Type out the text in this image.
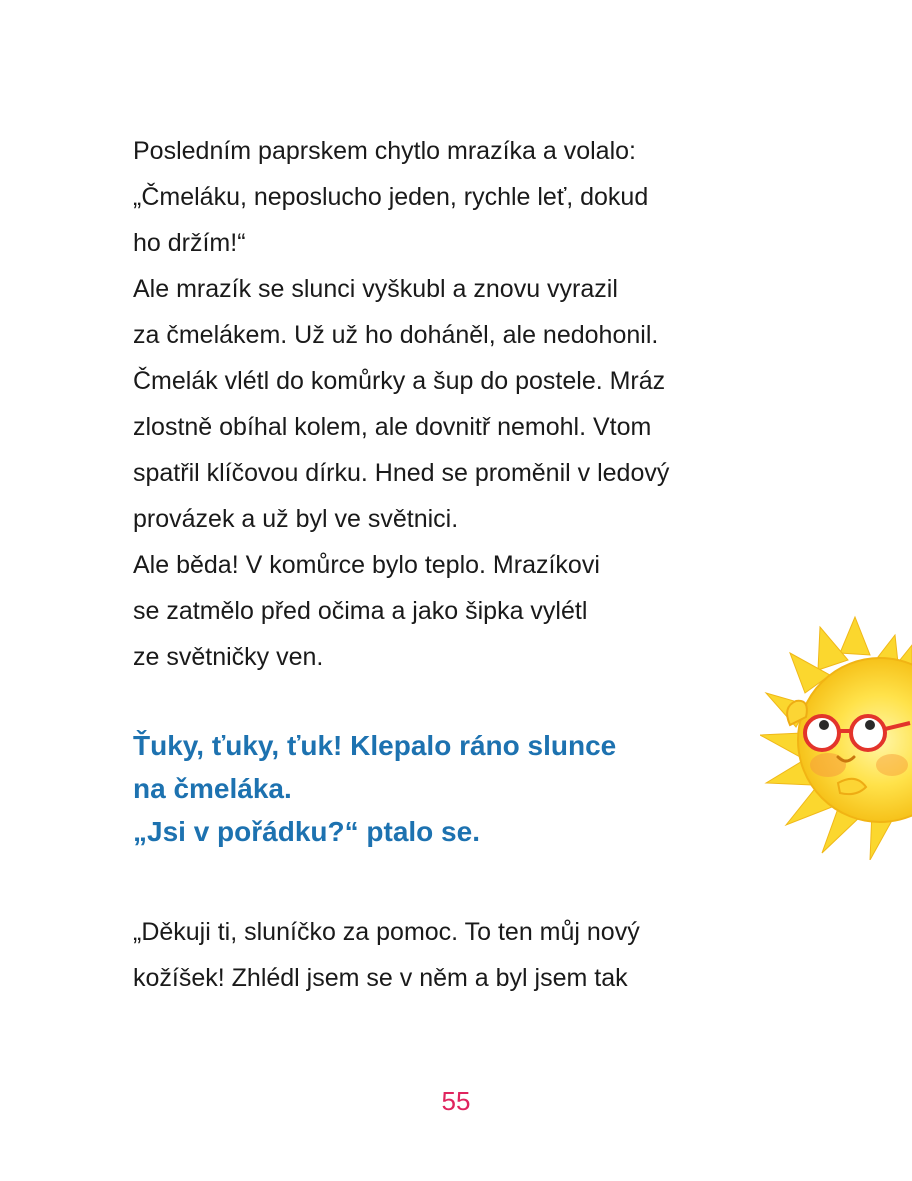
Posledním paprskem chytlo mrazíka a volalo:
„Čmeláku, neposlucho jeden, rychle leť, dokud
ho držím!“
Ale mrazík se slunci vyškubl a znovu vyrazil
za čmelákem. Už už ho doháněl, ale nedohonil.
Čmelák vlétl do komůrky a šup do postele. Mráz
zlostně obíhal kolem, ale dovnitř nemohl. Vtom
spatřil klíčovou dírku. Hned se proměnil v ledový
provázek a už byl ve světnici.
Ale běda! V komůrce bylo teplo. Mrazíkovi
se zatmělo před očima a jako šipka vylétl
ze světničky ven.
Ťuky, ťuky, ťuk! Klepalo ráno slunce
na čmeláka.
„Jsi v pořádku?“ ptalo se.
„Děkuji ti, sluníčko za pomoc. To ten můj nový
kožíšek! Zhlédl jsem se v něm a byl jsem tak
55
